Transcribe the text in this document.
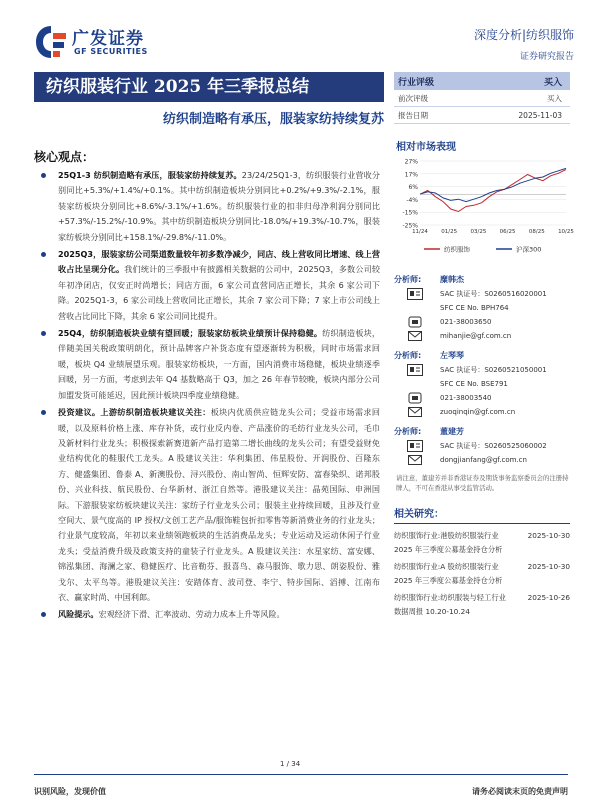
广发证券
GF SECURITIES
深度分析|纺织服饰
证券研究报告
纺织服装行业 2025 年三季报总结
纺织制造略有承压，服装家纺持续复苏
核心观点：
25Q1-3 纺织制造略有承压，服装家纺持续复苏。23/24/25Q1-3，纺织服装行业营收分别同比+5.3%/+1.4%/+0.1%。其中纺织制造板块分别同比+0.2%/+9.3%/-2.1%，服装家纺板块分别同比+8.6%/-3.1%/+1.6%。纺织服装行业的扣非归母净利润分别同比+57.3%/-15.2%/-10.9%。其中纺织制造板块分别同比-18.0%/+19.3%/-10.7%，服装家纺板块分别同比+158.1%/-29.8%/-11.0%。
2025Q3，服装家纺公司渠道数量较年初多数净减少，同店、线上营收同比增速、线上营收占比呈现分化。我们统计的三季报中有披露相关数据的公司中，2025Q3，多数公司较年初净闭店，仅安正时尚增长；同店方面，6 家公司直营同店正增长，其余 6 家公司下降。2025Q1-3，6 家公司线上营收同比正增长，其余 7 家公司下降；7 家上市公司线上营收占比同比下降，其余 6 家公司同比提升。
25Q4，纺织制造板块业绩有望回暖；服装家纺板块业绩预计保持稳健。纺织制造板块，伴随美国关税政策明朗化，预计品牌客户补货态度有望逐渐转为积极，同时市场需求回暖，板块 Q4 业绩展望乐观。服装家纺板块，一方面，国内消费市场稳健，板块业绩逐季回暖，另一方面，考虑到去年 Q4 基数略高于 Q3，加之 26 年春节较晚，板块内部分公司加盟发货可能延迟，因此预计板块四季度业绩稳健。
投资建议。上游纺织制造板块建议关注：板块内优质供应链龙头公司；受益市场需求回暖，以及原料价格上涨、库存补货，或行业反内卷、产品涨价的毛纺行业龙头公司，毛巾及新材料行业龙头；积极探索新赛道新产品打造第二增长曲线的龙头公司；有望受益财免业结构优化的鞋服代工龙头。A 股建议关注：华利集团、伟星股份、开润股份、百隆东方、健盛集团、鲁泰 A、新澳股份、浔兴股份、南山智尚、恒辉安防、富春染织、诺邦股份、兴业科技、航民股份、台华新材、浙江自然等。港股建议关注：晶苑国际、申洲国际。下游服装家纺板块建议关注：家纺子行业龙头公司；服装主业持续回暖，且涉及行业空间大、景气度高的 IP 授权/文创工艺产品/服饰鞋包折扣零售等新消费业务的行业龙头；行业景气度较高，年初以来业绩领跑板块的生活消费品龙头；专业运动及运动休闲子行业龙头；受益消费升级及政策支持的童装子行业龙头。A 股建议关注：水星家纺、富安娜、锦泓集团、海澜之家、稳健医疗、比音勒芬、报喜鸟、森马服饰、歌力思、朗姿股份、雅戈尔、太平鸟等。港股建议关注：安踏体育、波司登、李宁、特步国际、滔搏、江南布衣、赢家时尚、中国利郎。
风险提示。宏观经济下滑、汇率波动、劳动力成本上升等风险。
行业评级	买入
前次评级	买入
报告日期	2025-11-03
相对市场表现
27%
17%
6%
-4%
-15%
-25%
11/24 01/25 03/25 06/25 08/25 10/25
纺织服饰	沪深300
分析师:	糜韩杰
SAC 执证号：S0260516020001
SFC CE No. BPH764
021-38003650
mihanjie@gf.com.cn
分析师:	左琴琴
SAC 执证号：S0260521050001
SFC CE No. BSE791
021-38003540
zuoqinqin@gf.com.cn
分析师:	董建芳
SAC 执证号：S0260525060002
dongjianfang@gf.com.cn
请注意，董建芳并非香港证券及期货事务监察委员会的注册持牌人，不可在香港从事受监管活动。
相关研究：
纺织服饰行业:港股纺织服装行业 2025 年三季度公募基金持仓分析
2025-10-30
纺织服饰行业:A 股纺织服装行业 2025 年三季度公募基金持仓分析
2025-10-30
纺织服饰行业:纺织服装与轻工行业数据周报 10.20-10.24
2025-10-26
1 / 34
识别风险，发现价值	请务必阅读末页的免责声明
